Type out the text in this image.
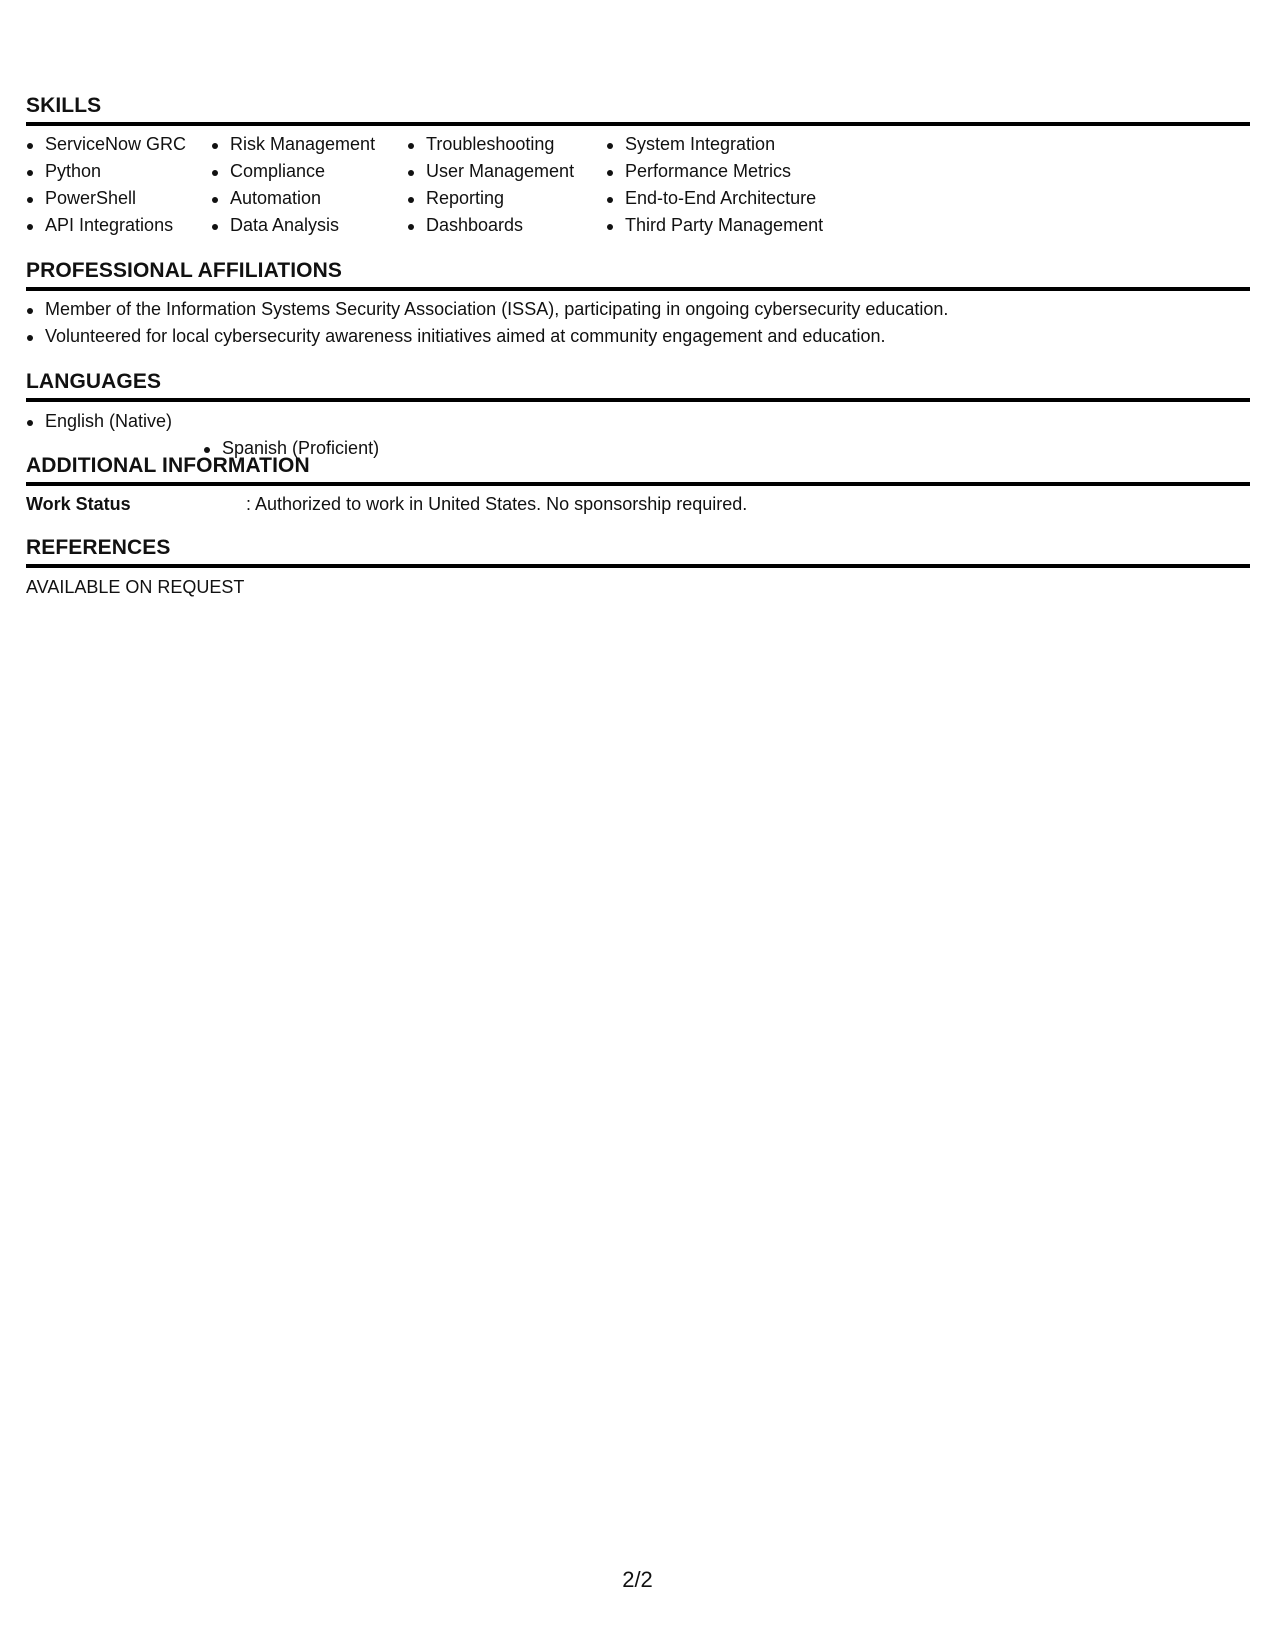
SKILLS
ServiceNow GRC
Python
PowerShell
API Integrations
Risk Management
Compliance
Automation
Data Analysis
Troubleshooting
User Management
Reporting
Dashboards
System Integration
Performance Metrics
End-to-End Architecture
Third Party Management
PROFESSIONAL AFFILIATIONS
Member of the Information Systems Security Association (ISSA), participating in ongoing cybersecurity education.
Volunteered for local cybersecurity awareness initiatives aimed at community engagement and education.
LANGUAGES
English (Native)
Spanish (Proficient)
ADDITIONAL INFORMATION
Work Status	: Authorized to work in United States. No sponsorship required.
REFERENCES
AVAILABLE ON REQUEST
2/2
